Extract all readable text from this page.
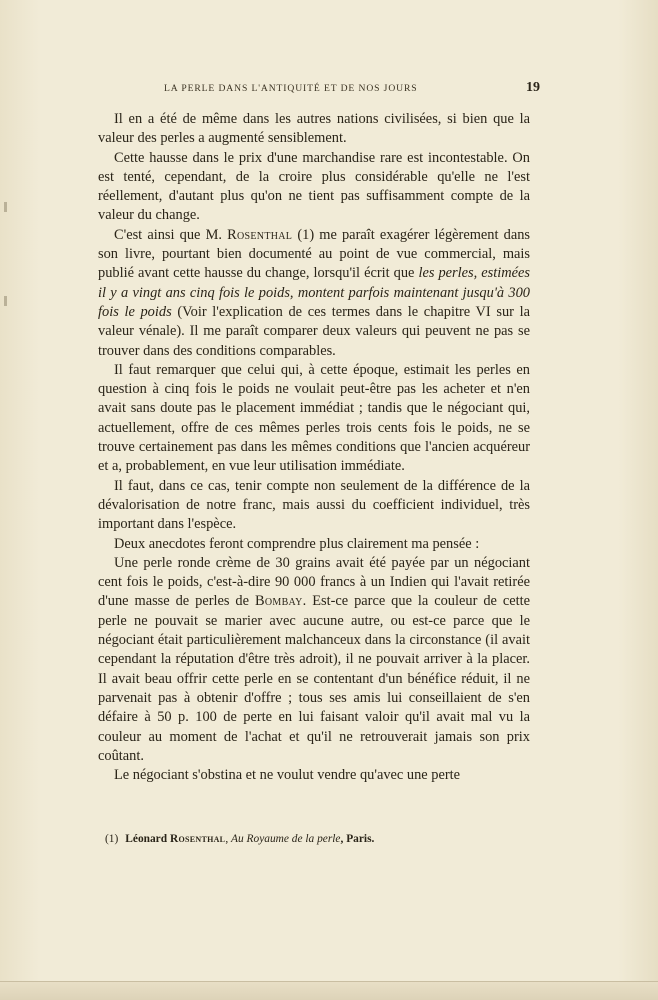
LA PERLE DANS L'ANTIQUITÉ ET DE NOS JOURS	19

Il en a été de même dans les autres nations civilisées, si bien que la valeur des perles a augmenté sensiblement.

Cette hausse dans le prix d'une marchandise rare est incontestable. On est tenté, cependant, de la croire plus considérable qu'elle ne l'est réellement, d'autant plus qu'on ne tient pas suffisamment compte de la valeur du change.

C'est ainsi que M. Rosenthal (1) me paraît exagérer légèrement dans son livre, pourtant bien documenté au point de vue commercial, mais publié avant cette hausse du change, lorsqu'il écrit que les perles, estimées il y a vingt ans cinq fois le poids, montent parfois maintenant jusqu'à 300 fois le poids (Voir l'explication de ces termes dans le chapitre VI sur la valeur vénale). Il me paraît comparer deux valeurs qui peuvent ne pas se trouver dans des conditions comparables.

Il faut remarquer que celui qui, à cette époque, estimait les perles en question à cinq fois le poids ne voulait peut-être pas les acheter et n'en avait sans doute pas le placement immédiat ; tandis que le négociant qui, actuellement, offre de ces mêmes perles trois cents fois le poids, ne se trouve certainement pas dans les mêmes conditions que l'ancien acquéreur et a, probablement, en vue leur utilisation immédiate.

Il faut, dans ce cas, tenir compte non seulement de la différence de la dévalorisation de notre franc, mais aussi du coefficient individuel, très important dans l'espèce.

Deux anecdotes feront comprendre plus clairement ma pensée :

Une perle ronde crème de 30 grains avait été payée par un négociant cent fois le poids, c'est-à-dire 90 000 francs à un Indien qui l'avait retirée d'une masse de perles de Bombay. Est-ce parce que la couleur de cette perle ne pouvait se marier avec aucune autre, ou est-ce parce que le négociant était particulièrement malchanceux dans la circonstance (il avait cependant la réputation d'être très adroit), il ne pouvait arriver à la placer. Il avait beau offrir cette perle en se contentant d'un bénéfice réduit, il ne parvenait pas à obtenir d'offre ; tous ses amis lui conseillaient de s'en défaire à 50 p. 100 de perte en lui faisant valoir qu'il avait mal vu la couleur au moment de l'achat et qu'il ne retrouverait jamais son prix coûtant.

Le négociant s'obstina et ne voulut vendre qu'avec une perte

(1) Léonard Rosenthal, Au Royaume de la perle, Paris.
